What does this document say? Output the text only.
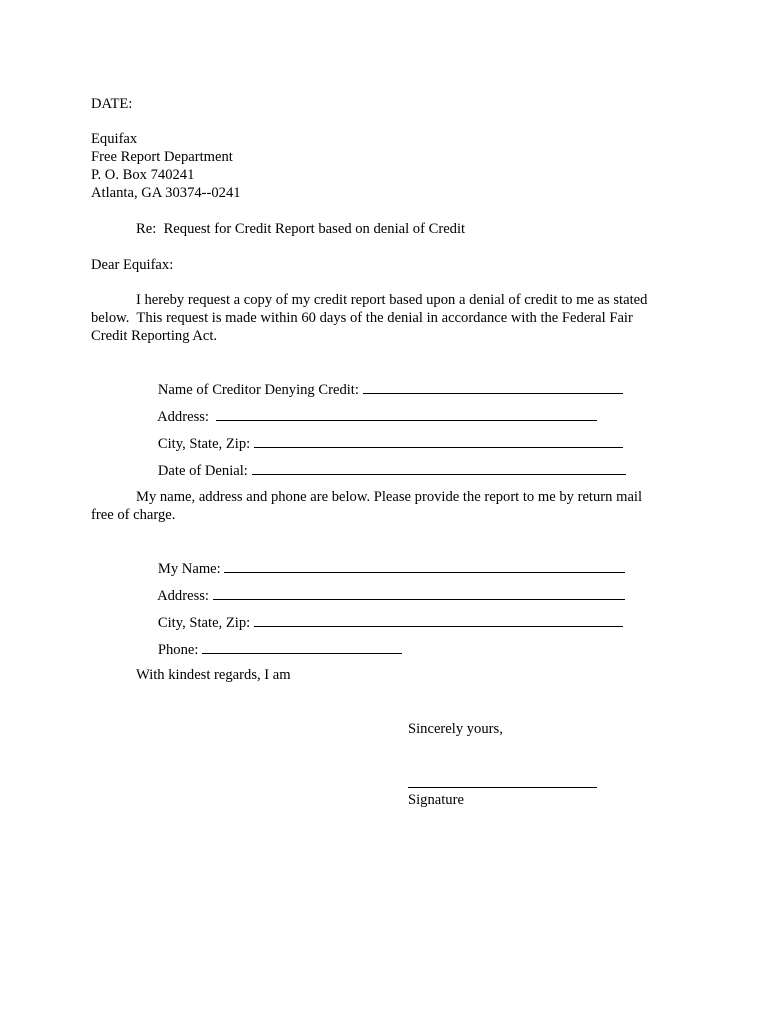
DATE:
Equifax
Free Report Department
P. O. Box 740241
Atlanta, GA 30374--0241
Re:  Request for Credit Report based on denial of Credit
Dear Equifax:
I hereby request a copy of my credit report based upon a denial of credit to me as stated
below.  This request is made within 60 days of the denial in accordance with the Federal Fair
Credit Reporting Act.

Name of Creditor Denying Credit:

Address:

City, State, Zip:

Date of Denial:

My name, address and phone are below. Please provide the report to me by return mail
free of charge.

My Name:

Address:

City, State, Zip:

Phone:

With kindest regards, I am
Sincerely yours,
Signature
